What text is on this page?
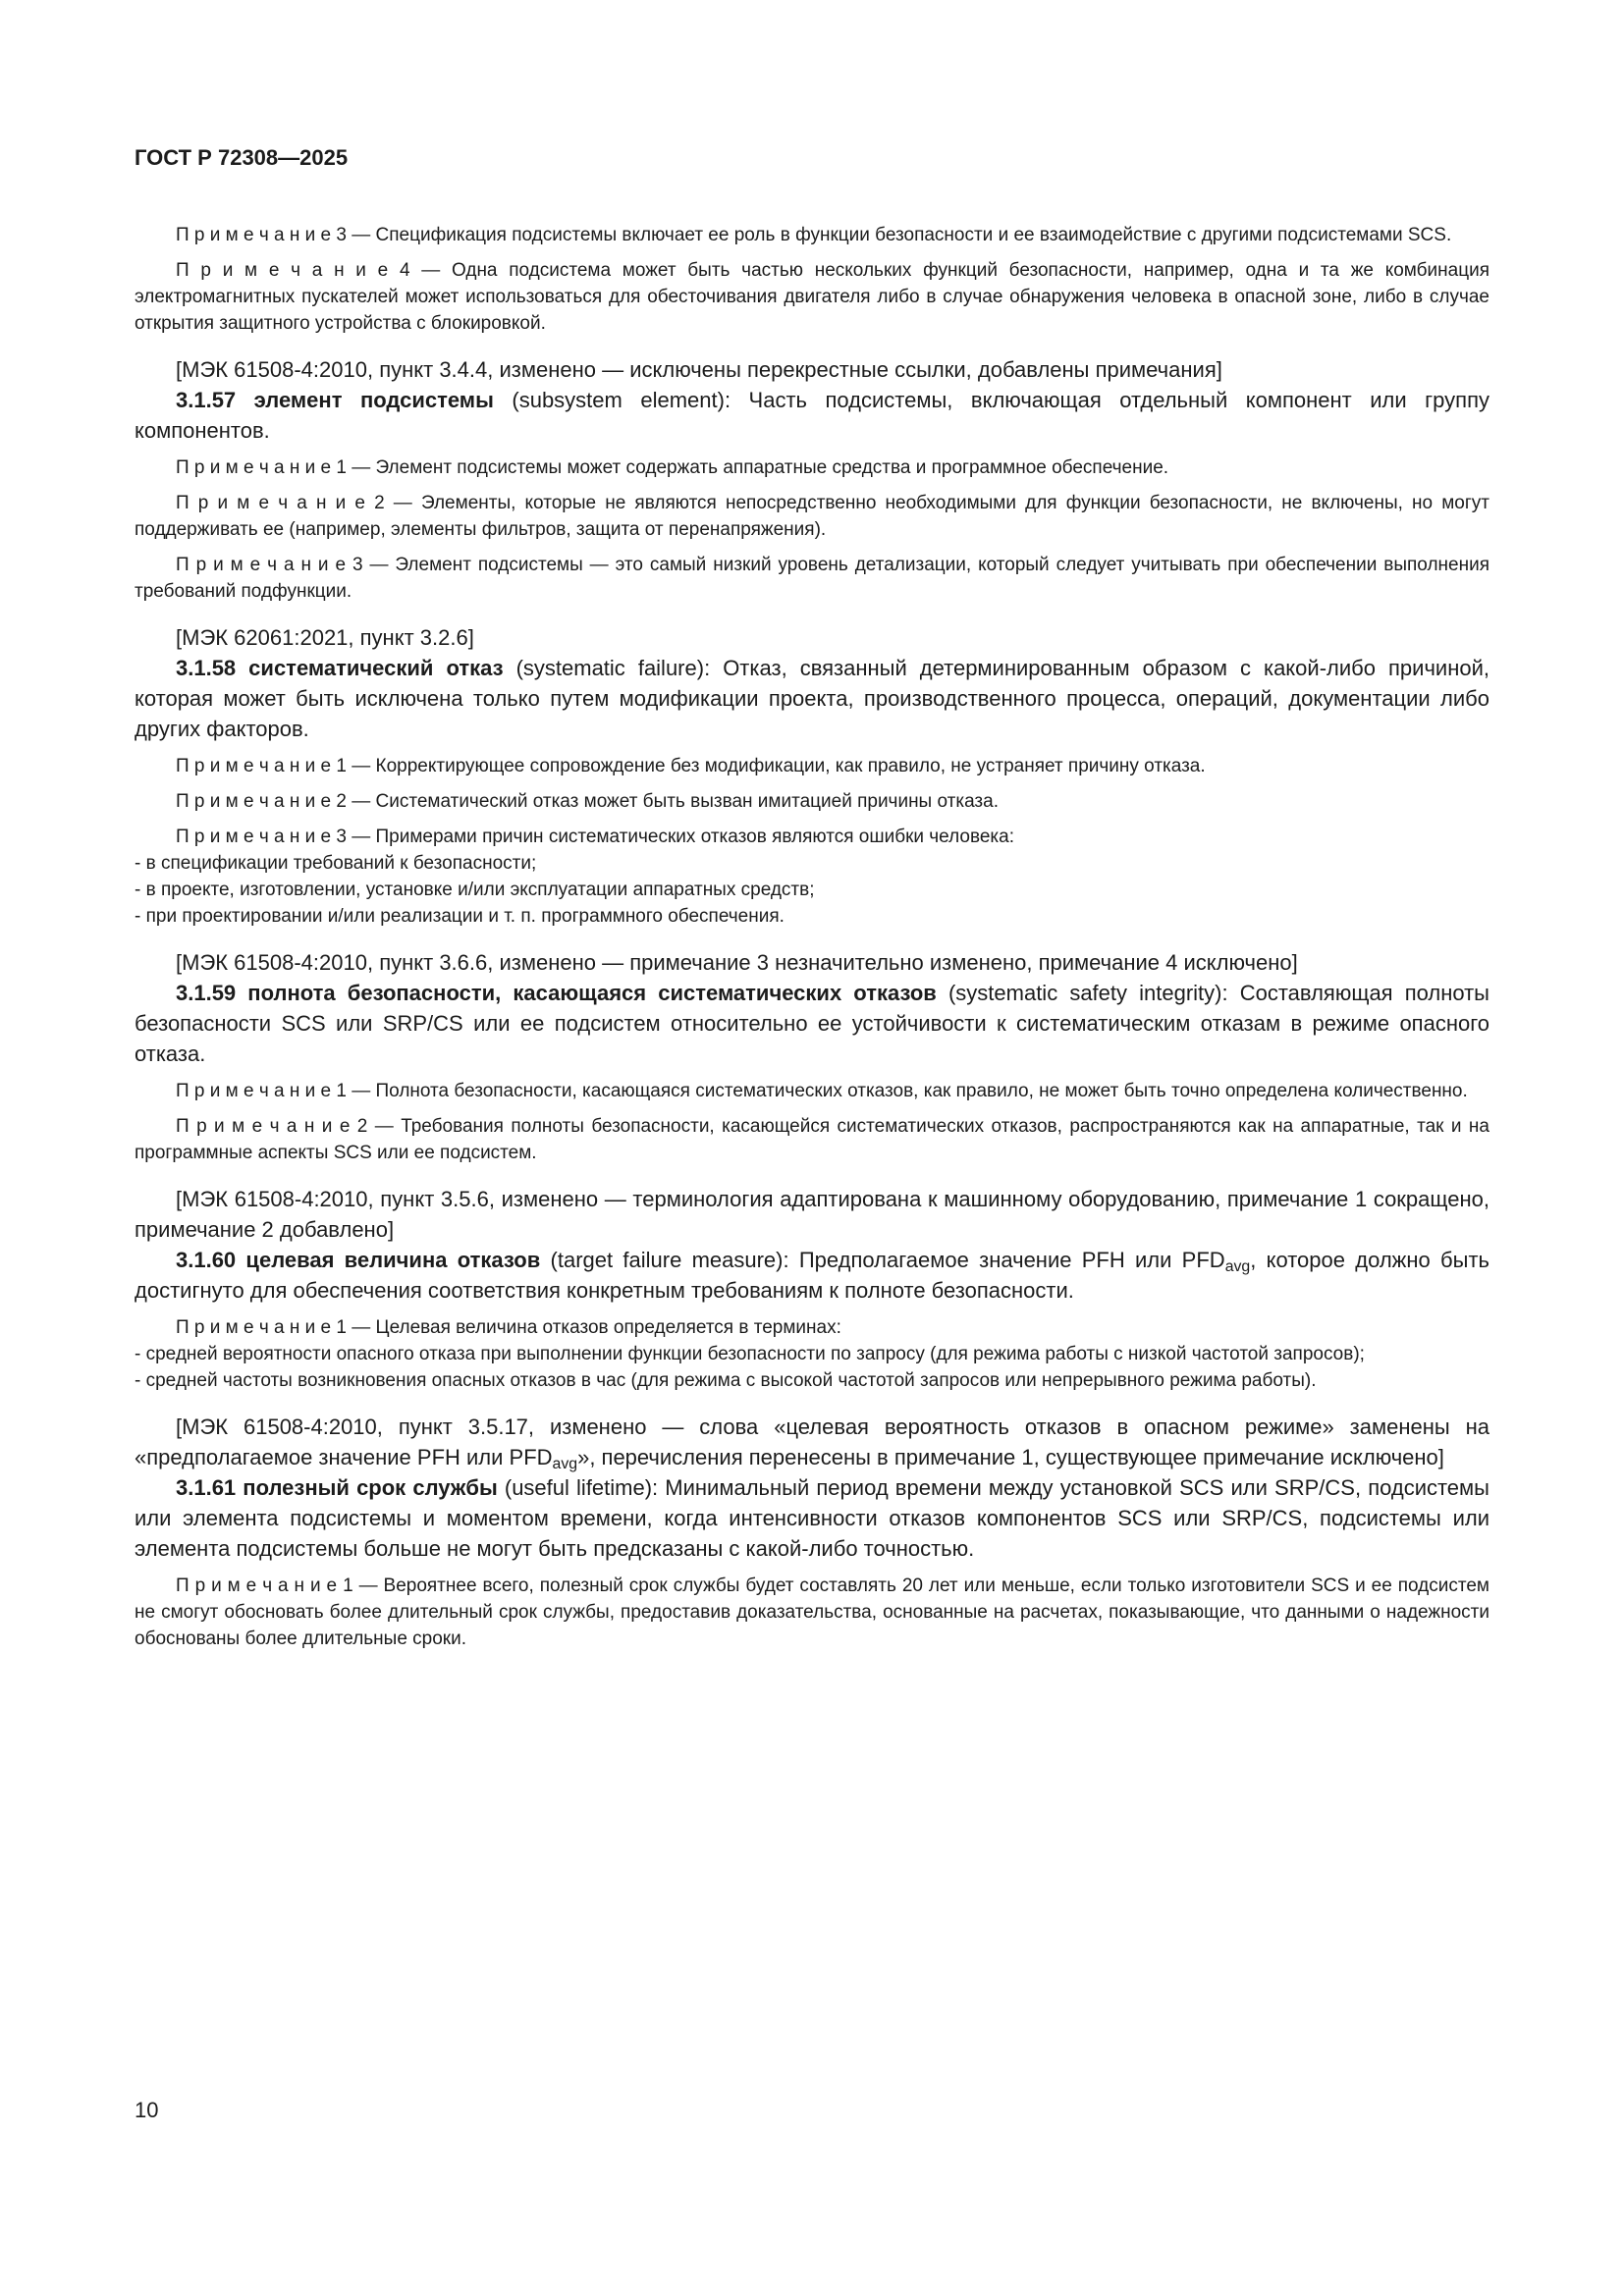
ГОСТ Р 72308—2025

П р и м е ч а н и е 3 — Спецификация подсистемы включает ее роль в функции безопасности и ее взаимодействие с другими подсистемами SCS.

П р и м е ч а н и е 4 — Одна подсистема может быть частью нескольких функций безопасности, например, одна и та же комбинация электромагнитных пускателей может использоваться для обесточивания двигателя либо в случае обнаружения человека в опасной зоне, либо в случае открытия защитного устройства с блокировкой.

[МЭК 61508-4:2010, пункт 3.4.4, изменено — исключены перекрестные ссылки, добавлены примечания]

3.1.57 элемент подсистемы (subsystem element): Часть подсистемы, включающая отдельный компонент или группу компонентов.

П р и м е ч а н и е 1 — Элемент подсистемы может содержать аппаратные средства и программное обеспечение.

П р и м е ч а н и е 2 — Элементы, которые не являются непосредственно необходимыми для функции безопасности, не включены, но могут поддерживать ее (например, элементы фильтров, защита от перенапряжения).

П р и м е ч а н и е 3 — Элемент подсистемы — это самый низкий уровень детализации, который следует учитывать при обеспечении выполнения требований подфункции.

[МЭК 62061:2021, пункт 3.2.6]

3.1.58 систематический отказ (systematic failure): Отказ, связанный детерминированным образом с какой-либо причиной, которая может быть исключена только путем модификации проекта, производственного процесса, операций, документации либо других факторов.

П р и м е ч а н и е 1 — Корректирующее сопровождение без модификации, как правило, не устраняет причину отказа.

П р и м е ч а н и е 2 — Систематический отказ может быть вызван имитацией причины отказа.

П р и м е ч а н и е 3 — Примерами причин систематических отказов являются ошибки человека:

- в спецификации требований к безопасности;

- в проекте, изготовлении, установке и/или эксплуатации аппаратных средств;

- при проектировании и/или реализации и т. п. программного обеспечения.

[МЭК 61508-4:2010, пункт 3.6.6, изменено — примечание 3 незначительно изменено, примечание 4 исключено]

3.1.59 полнота безопасности, касающаяся систематических отказов (systematic safety integrity): Составляющая полноты безопасности SCS или SRP/CS или ее подсистем относительно ее устойчивости к систематическим отказам в режиме опасного отказа.

П р и м е ч а н и е 1 — Полнота безопасности, касающаяся систематических отказов, как правило, не может быть точно определена количественно.

П р и м е ч а н и е 2 — Требования полноты безопасности, касающейся систематических отказов, распространяются как на аппаратные, так и на программные аспекты SCS или ее подсистем.

[МЭК 61508-4:2010, пункт 3.5.6, изменено — терминология адаптирована к машинному оборудованию, примечание 1 сокращено, примечание 2 добавлено]

3.1.60 целевая величина отказов (target failure measure): Предполагаемое значение PFH или $PFD_{avg}$, которое должно быть достигнуто для обеспечения соответствия конкретным требованиям к полноте безопасности.

П р и м е ч а н и е 1 — Целевая величина отказов определяется в терминах:

- средней вероятности опасного отказа при выполнении функции безопасности по запросу (для режима работы с низкой частотой запросов);

- средней частоты возникновения опасных отказов в час (для режима с высокой частотой запросов или непрерывного режима работы).

[МЭК 61508-4:2010, пункт 3.5.17, изменено — слова «целевая вероятность отказов в опасном режиме» заменены на «предполагаемое значение PFH или $PFD_{avg}$», перечисления перенесены в примечание 1, существующее примечание исключено]

3.1.61 полезный срок службы (useful lifetime): Минимальный период времени между установкой SCS или SRP/CS, подсистемы или элемента подсистемы и моментом времени, когда интенсивности отказов компонентов SCS или SRP/CS, подсистемы или элемента подсистемы больше не могут быть предсказаны с какой-либо точностью.

П р и м е ч а н и е 1 — Вероятнее всего, полезный срок службы будет составлять 20 лет или меньше, если только изготовители SCS и ее подсистем не смогут обосновать более длительный срок службы, предоставив доказательства, основанные на расчетах, показывающие, что данными о надежности обоснованы более длительные сроки.

10
